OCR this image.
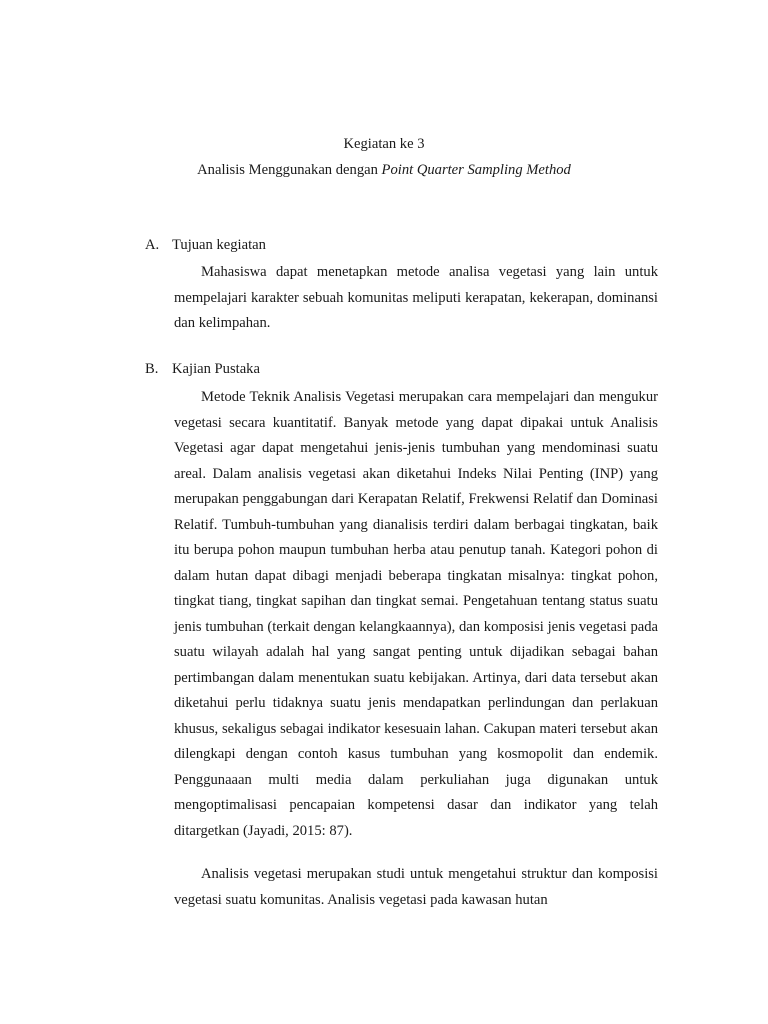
Kegiatan ke 3
Analisis Menggunakan dengan Point Quarter Sampling Method
A. Tujuan kegiatan

Mahasiswa dapat menetapkan metode analisa vegetasi yang lain untuk mempelajari karakter sebuah komunitas meliputi kerapatan, kekerapan, dominansi dan kelimpahan.

B. Kajian Pustaka

Metode Teknik Analisis Vegetasi merupakan cara mempelajari dan mengukur vegetasi secara kuantitatif. Banyak metode yang dapat dipakai untuk Analisis Vegetasi agar dapat mengetahui jenis-jenis tumbuhan yang mendominasi suatu areal. Dalam analisis vegetasi akan diketahui Indeks Nilai Penting (INP) yang merupakan penggabungan dari Kerapatan Relatif, Frekwensi Relatif dan Dominasi Relatif. Tumbuh-tumbuhan yang dianalisis terdiri dalam berbagai tingkatan, baik itu berupa pohon maupun tumbuhan herba atau penutup tanah. Kategori pohon di dalam hutan dapat dibagi menjadi beberapa tingkatan misalnya: tingkat pohon, tingkat tiang, tingkat sapihan dan tingkat semai. Pengetahuan tentang status suatu jenis tumbuhan (terkait dengan kelangkaannya), dan komposisi jenis vegetasi pada suatu wilayah adalah hal yang sangat penting untuk dijadikan sebagai bahan pertimbangan dalam menentukan suatu kebijakan. Artinya, dari data tersebut akan diketahui perlu tidaknya suatu jenis mendapatkan perlindungan dan perlakuan khusus, sekaligus sebagai indikator kesesuain lahan. Cakupan materi tersebut akan dilengkapi dengan contoh kasus tumbuhan yang kosmopolit dan endemik. Penggunaaan multi media dalam perkuliahan juga digunakan untuk mengoptimalisasi pencapaian kompetensi dasar dan indikator yang telah ditargetkan (Jayadi, 2015: 87).

Analisis vegetasi merupakan studi untuk mengetahui struktur dan komposisi vegetasi suatu komunitas. Analisis vegetasi pada kawasan hutan
